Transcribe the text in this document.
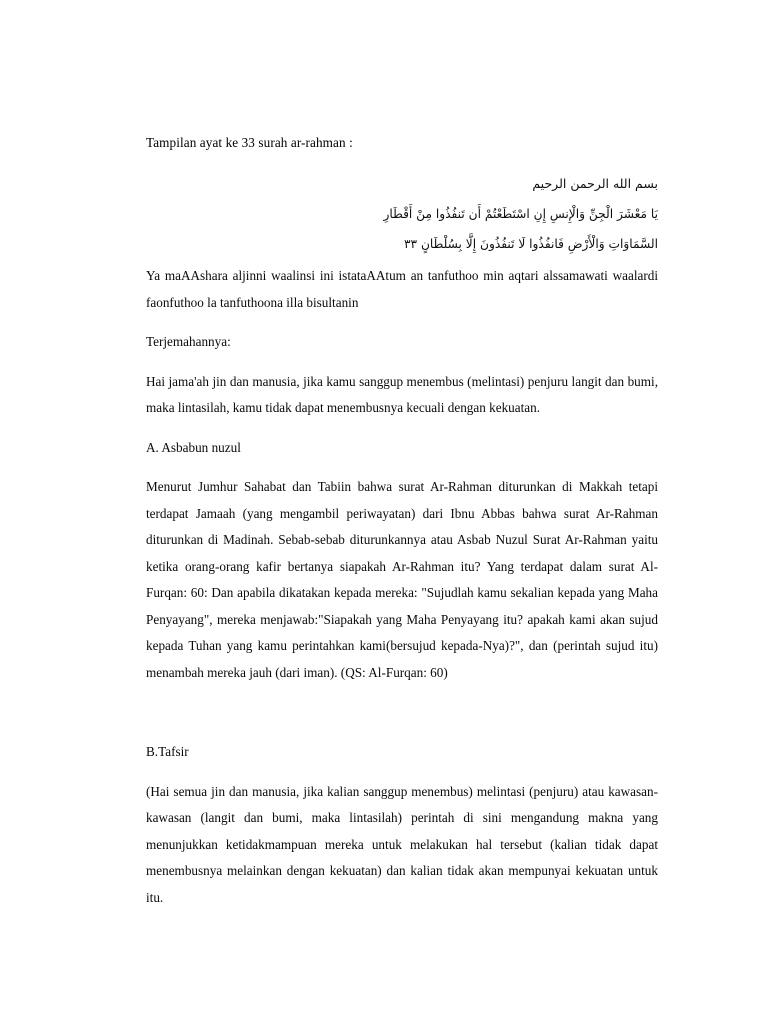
Tampilan ayat ke 33 surah ar-rahman :
بسم الله الرحمن الرحيم
يَا مَعْشَرَ الْجِنِّ وَالْإِنسِ إِنِ اسْتَطَعْتُمْ أَن تَنفُذُوا مِنْ أَقْطَارِ
السَّمَاوَاتِ وَالْأَرْضِ فَانفُذُوا لَا تَنفُذُونَ إِلَّا بِسُلْطَانٍ ٣٣

Ya maAAshara aljinni waalinsi ini istataAAtum an tanfuthoo min aqtari alssamawati waalardi faonfuthoo la tanfuthoona illa bisultanin

Terjemahannya:

Hai jama'ah jin dan manusia, jika kamu sanggup menembus (melintasi) penjuru langit dan bumi, maka lintasilah, kamu tidak dapat menembusnya kecuali dengan kekuatan.

A. Asbabun nuzul

Menurut Jumhur Sahabat dan Tabiin bahwa surat Ar-Rahman diturunkan di Makkah tetapi terdapat Jamaah (yang mengambil periwayatan) dari Ibnu Abbas bahwa surat Ar-Rahman diturunkan di Madinah. Sebab-sebab diturunkannya atau Asbab Nuzul Surat Ar-Rahman yaitu ketika orang-orang kafir bertanya siapakah Ar-Rahman itu? Yang terdapat dalam surat Al-Furqan: 60: Dan apabila dikatakan kepada mereka: "Sujudlah kamu sekalian kepada yang Maha Penyayang", mereka menjawab:"Siapakah yang Maha Penyayang itu? apakah kami akan sujud kepada Tuhan yang kamu perintahkan kami(bersujud kepada-Nya)?", dan (perintah sujud itu) menambah mereka jauh (dari iman). (QS: Al-Furqan: 60)

B.Tafsir

(Hai semua jin dan manusia, jika kalian sanggup menembus) melintasi (penjuru) atau kawasan-kawasan (langit dan bumi, maka lintasilah) perintah di sini mengandung makna yang menunjukkan ketidakmampuan mereka untuk melakukan hal tersebut (kalian tidak dapat menembusnya melainkan dengan kekuatan) dan kalian tidak akan mempunyai kekuatan untuk itu.
